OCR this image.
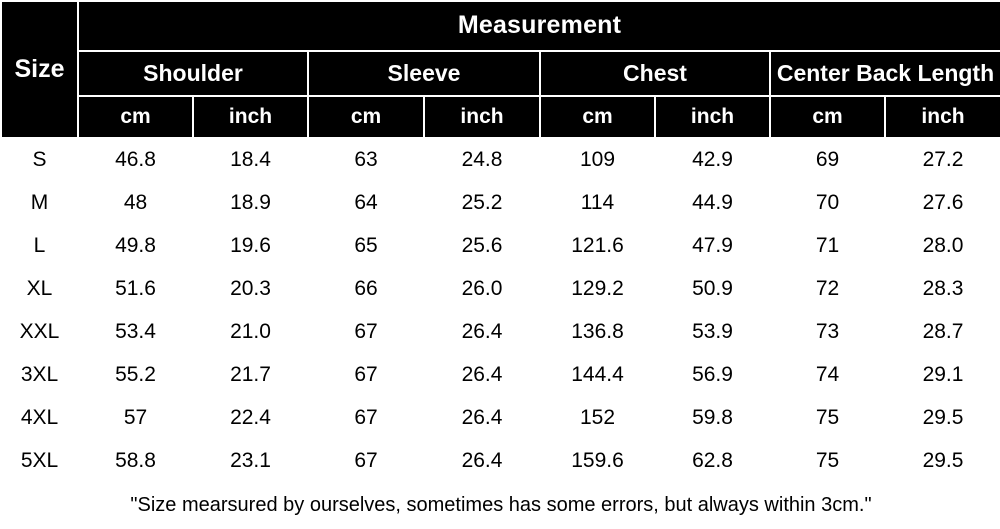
Size	Measurement							
	Shoulder		Sleeve		Chest		Center Back Length	
	cm	inch	cm	inch	cm	inch	cm	inch
S	46.8	18.4	63	24.8	109	42.9	69	27.2
M	48	18.9	64	25.2	114	44.9	70	27.6
L	49.8	19.6	65	25.6	121.6	47.9	71	28.0
XL	51.6	20.3	66	26.0	129.2	50.9	72	28.3
XXL	53.4	21.0	67	26.4	136.8	53.9	73	28.7
3XL	55.2	21.7	67	26.4	144.4	56.9	74	29.1
4XL	57	22.4	67	26.4	152	59.8	75	29.5
5XL	58.8	23.1	67	26.4	159.6	62.8	75	29.5
"Size mearsured by ourselves, sometimes has some errors, but always within 3cm."								
